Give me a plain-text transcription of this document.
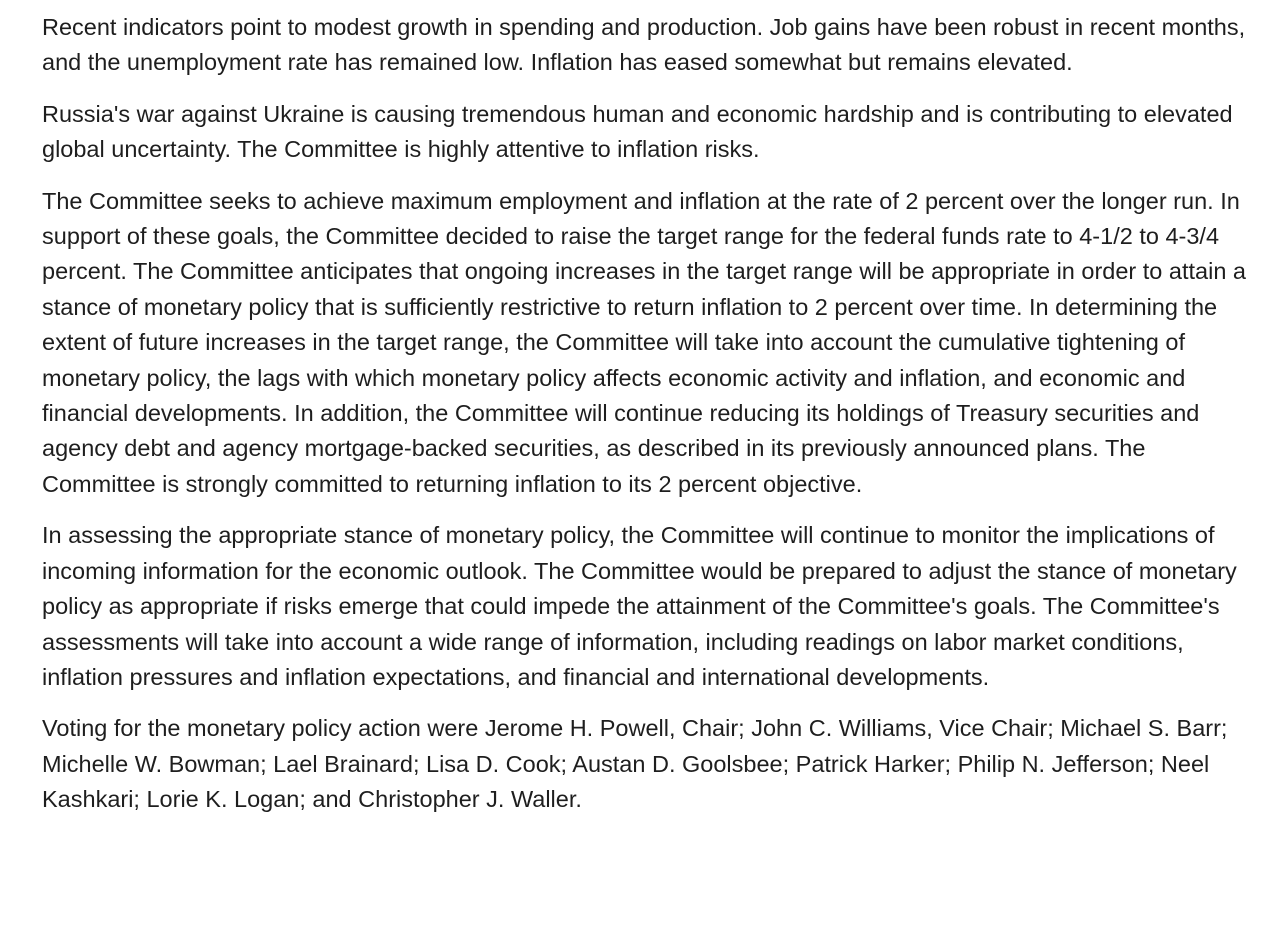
Recent indicators point to modest growth in spending and production. Job gains have been robust in recent months, and the unemployment rate has remained low. Inflation has eased somewhat but remains elevated.

Russia's war against Ukraine is causing tremendous human and economic hardship and is contributing to elevated global uncertainty. The Committee is highly attentive to inflation risks.

The Committee seeks to achieve maximum employment and inflation at the rate of 2 percent over the longer run. In support of these goals, the Committee decided to raise the target range for the federal funds rate to 4-1/2 to 4-3/4 percent. The Committee anticipates that ongoing increases in the target range will be appropriate in order to attain a stance of monetary policy that is sufficiently restrictive to return inflation to 2 percent over time. In determining the extent of future increases in the target range, the Committee will take into account the cumulative tightening of monetary policy, the lags with which monetary policy affects economic activity and inflation, and economic and financial developments. In addition, the Committee will continue reducing its holdings of Treasury securities and agency debt and agency mortgage-backed securities, as described in its previously announced plans. The Committee is strongly committed to returning inflation to its 2 percent objective.

In assessing the appropriate stance of monetary policy, the Committee will continue to monitor the implications of incoming information for the economic outlook. The Committee would be prepared to adjust the stance of monetary policy as appropriate if risks emerge that could impede the attainment of the Committee's goals. The Committee's assessments will take into account a wide range of information, including readings on labor market conditions, inflation pressures and inflation expectations, and financial and international developments.

Voting for the monetary policy action were Jerome H. Powell, Chair; John C. Williams, Vice Chair; Michael S. Barr; Michelle W. Bowman; Lael Brainard; Lisa D. Cook; Austan D. Goolsbee; Patrick Harker; Philip N. Jefferson; Neel Kashkari; Lorie K. Logan; and Christopher J. Waller.
